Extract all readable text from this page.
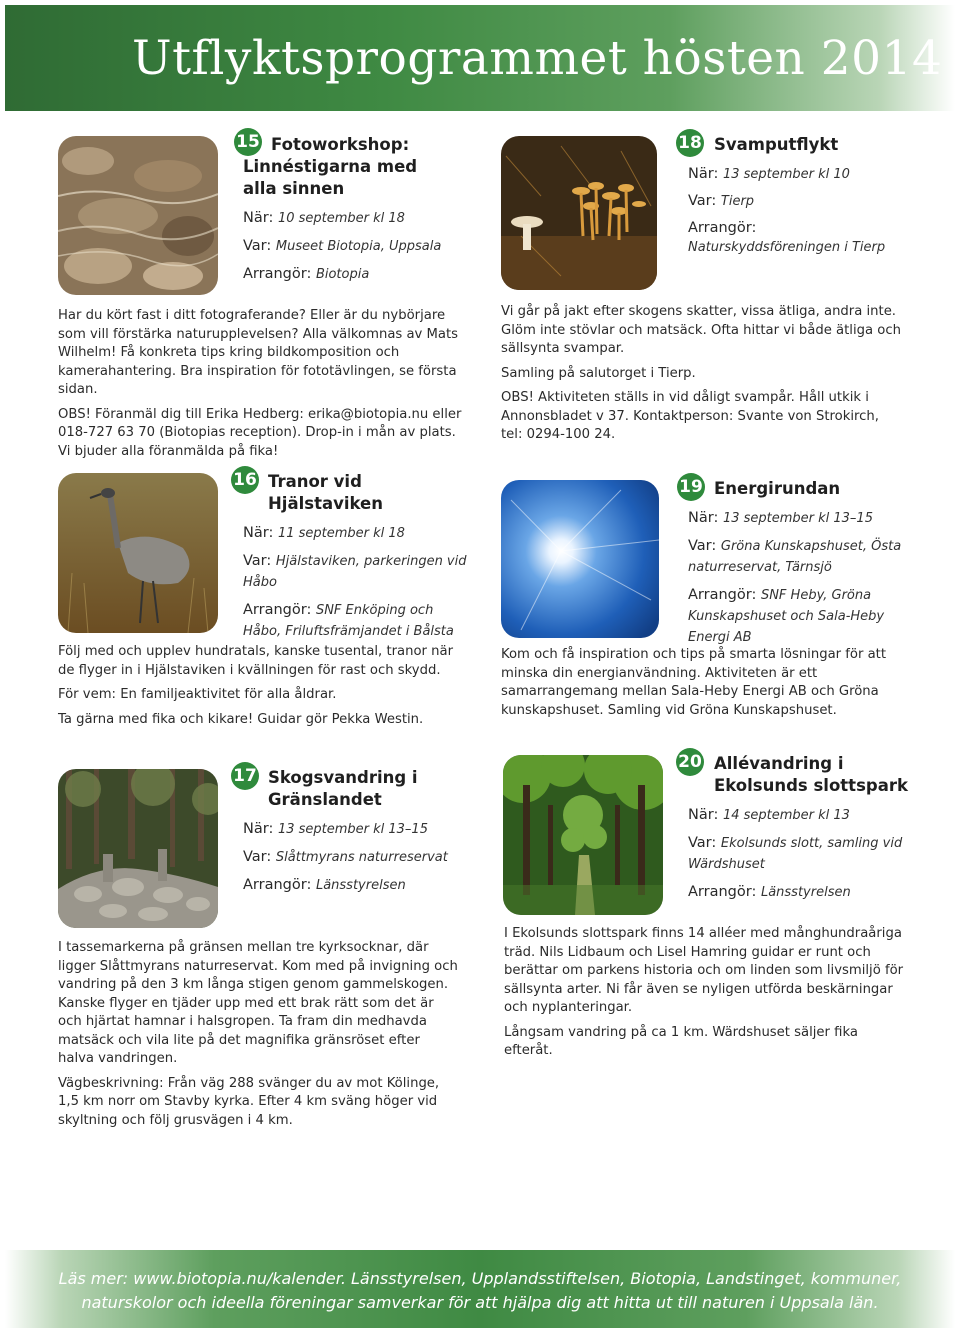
Utflyktsprogrammet hösten 2014
15 Fotoworkshop: Linnéstigarna med alla sinnen
När: 10 september kl 18
Var: Museet Biotopia, Uppsala
Arrangör: Biotopia

Har du kört fast i ditt fotograferande? Eller är du nybörjare som vill förstärka naturupplevelsen? Alla välkomnas av Mats Wilhelm! Få konkreta tips kring bildkomposition och kamerahantering. Bra inspiration för fototävlingen, se första sidan.

OBS! Föranmäl dig till Erika Hedberg: erika@biotopia.nu eller 018-727 63 70 (Biotopias reception). Drop-in i mån av plats. Vi bjuder alla föranmälda på fika!

18 Svamputflykt
När: 13 september kl 10
Var: Tierp
Arrangör:
Naturskyddsföreningen i Tierp

Vi går på jakt efter skogens skatter, vissa ätliga, andra inte. Glöm inte stövlar och matsäck. Ofta hittar vi både ätliga och sällsynta svampar.

Samling på salutorget i Tierp.

OBS! Aktiviteten ställs in vid dåligt svampår. Håll utkik i Annonsbladet v 37. Kontaktperson: Svante von Strokirch, tel: 0294-100 24.

16 Tranor vid Hjälstaviken
När: 11 september kl 18
Var: Hjälstaviken, parkeringen vid Håbo
Arrangör: SNF Enköping och Håbo, Friluftsfrämjandet i Bålsta

Följ med och upplev hundratals, kanske tusental, tranor när de flyger in i Hjälstaviken i kvällningen för rast och skydd.

För vem: En familjeaktivitet för alla åldrar.

Ta gärna med fika och kikare! Guidar gör Pekka Westin.

19 Energirundan
När: 13 september kl 13–15
Var: Gröna Kunskapshuset, Östa naturreservat, Tärnsjö
Arrangör: SNF Heby, Gröna Kunskapshuset och Sala-Heby Energi AB

Kom och få inspiration och tips på smarta lösningar för att minska din energianvändning. Aktiviteten är ett samarrangemang mellan Sala-Heby Energi AB och Gröna kunskapshuset. Samling vid Gröna Kunskapshuset.

17 Skogsvandring i Gränslandet
När: 13 september kl 13–15
Var: Slåttmyrans naturreservat
Arrangör: Länsstyrelsen

I tassemarkerna på gränsen mellan tre kyrksocknar, där ligger Slåttmyrans naturreservat. Kom med på invigning och vandring på den 3 km långa stigen genom gammelskogen. Kanske flyger en tjäder upp med ett brak rätt som det är och hjärtat hamnar i halsgropen. Ta fram din medhavda matsäck och vila lite på det magnifika gränsröset efter halva vandringen.

Vägbeskrivning: Från väg 288 svänger du av mot Kölinge, 1,5 km norr om Stavby kyrka. Efter 4 km sväng höger vid skyltning och följ grusvägen i 4 km.

20 Allévandring i Ekolsunds slottspark
När: 14 september kl 13
Var: Ekolsunds slott, samling vid Wärdshuset
Arrangör: Länsstyrelsen

I Ekolsunds slottspark finns 14 alléer med månghundraåriga träd. Nils Lidbaum och Lisel Hamring guidar er runt och berättar om parkens historia och om linden som livsmiljö för sällsynta arter. Ni får även se nyligen utförda beskärningar och nyplanteringar.

Långsam vandring på ca 1 km. Wärdshuset säljer fika efteråt.

Läs mer: www.biotopia.nu/kalender. Länsstyrelsen, Upplandsstiftelsen, Biotopia, Landstinget, kommuner,
naturskolor och ideella föreningar samverkar för att hjälpa dig att hitta ut till naturen i Uppsala län.
